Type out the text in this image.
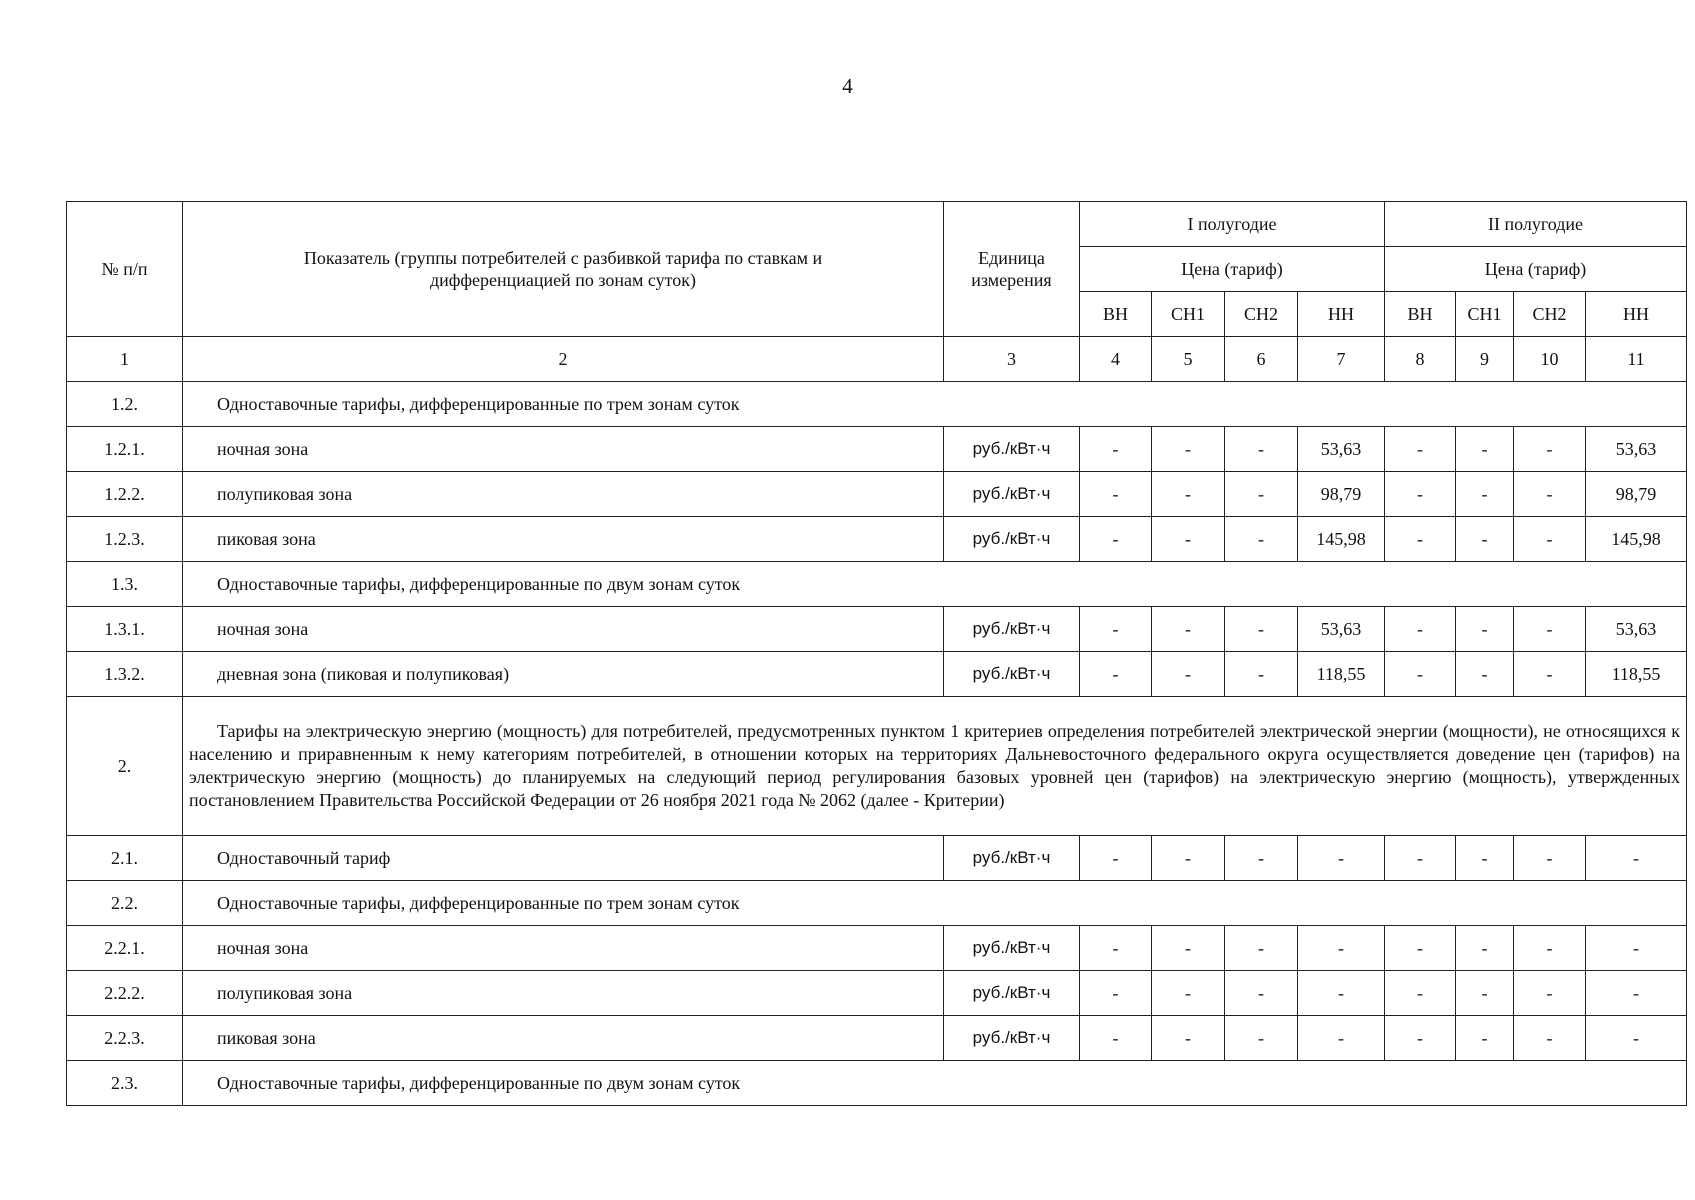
4
№ п/п	Показатель (группы потребителей с разбивкой тарифа по ставкам и дифференциацией по зонам суток)	Единица измерения	I полугодие				II полугодие			
			Цена (тариф)				Цена (тариф)			
			ВН	СН1	СН2	НН	ВН	СН1	СН2	НН
1	2	3	4	5	6	7	8	9	10	11
1.2.	Одноставочные тарифы, дифференцированные по трем зонам суток									
1.2.1.	ночная зона	руб./кВт·ч	-	-	-	53,63	-	-	-	53,63
1.2.2.	полупиковая зона	руб./кВт·ч	-	-	-	98,79	-	-	-	98,79
1.2.3.	пиковая зона	руб./кВт·ч	-	-	-	145,98	-	-	-	145,98
1.3.	Одноставочные тарифы, дифференцированные по двум зонам суток									
1.3.1.	ночная зона	руб./кВт·ч	-	-	-	53,63	-	-	-	53,63
1.3.2.	дневная зона (пиковая и полупиковая)	руб./кВт·ч	-	-	-	118,55	-	-	-	118,55
2.	Тарифы на электрическую энергию (мощность) для потребителей, предусмотренных пунктом 1 критериев определения потребителей электрической энергии (мощности), не относящихся к населению и приравненным к нему категориям потребителей, в отношении которых на территориях Дальневосточного федерального округа осуществляется доведение цен (тарифов) на электрическую энергию (мощность) до планируемых на следующий период регулирования базовых уровней цен (тарифов) на электрическую энергию (мощность), утвержденных постановлением Правительства Российской Федерации от 26 ноября 2021 года № 2062 (далее - Критерии)									
2.1.	Одноставочный тариф	руб./кВт·ч	-	-	-	-	-	-	-	-
2.2.	Одноставочные тарифы, дифференцированные по трем зонам суток									
2.2.1.	ночная зона	руб./кВт·ч	-	-	-	-	-	-	-	-
2.2.2.	полупиковая зона	руб./кВт·ч	-	-	-	-	-	-	-	-
2.2.3.	пиковая зона	руб./кВт·ч	-	-	-	-	-	-	-	-
2.3.	Одноставочные тарифы, дифференцированные по двум зонам суток									
